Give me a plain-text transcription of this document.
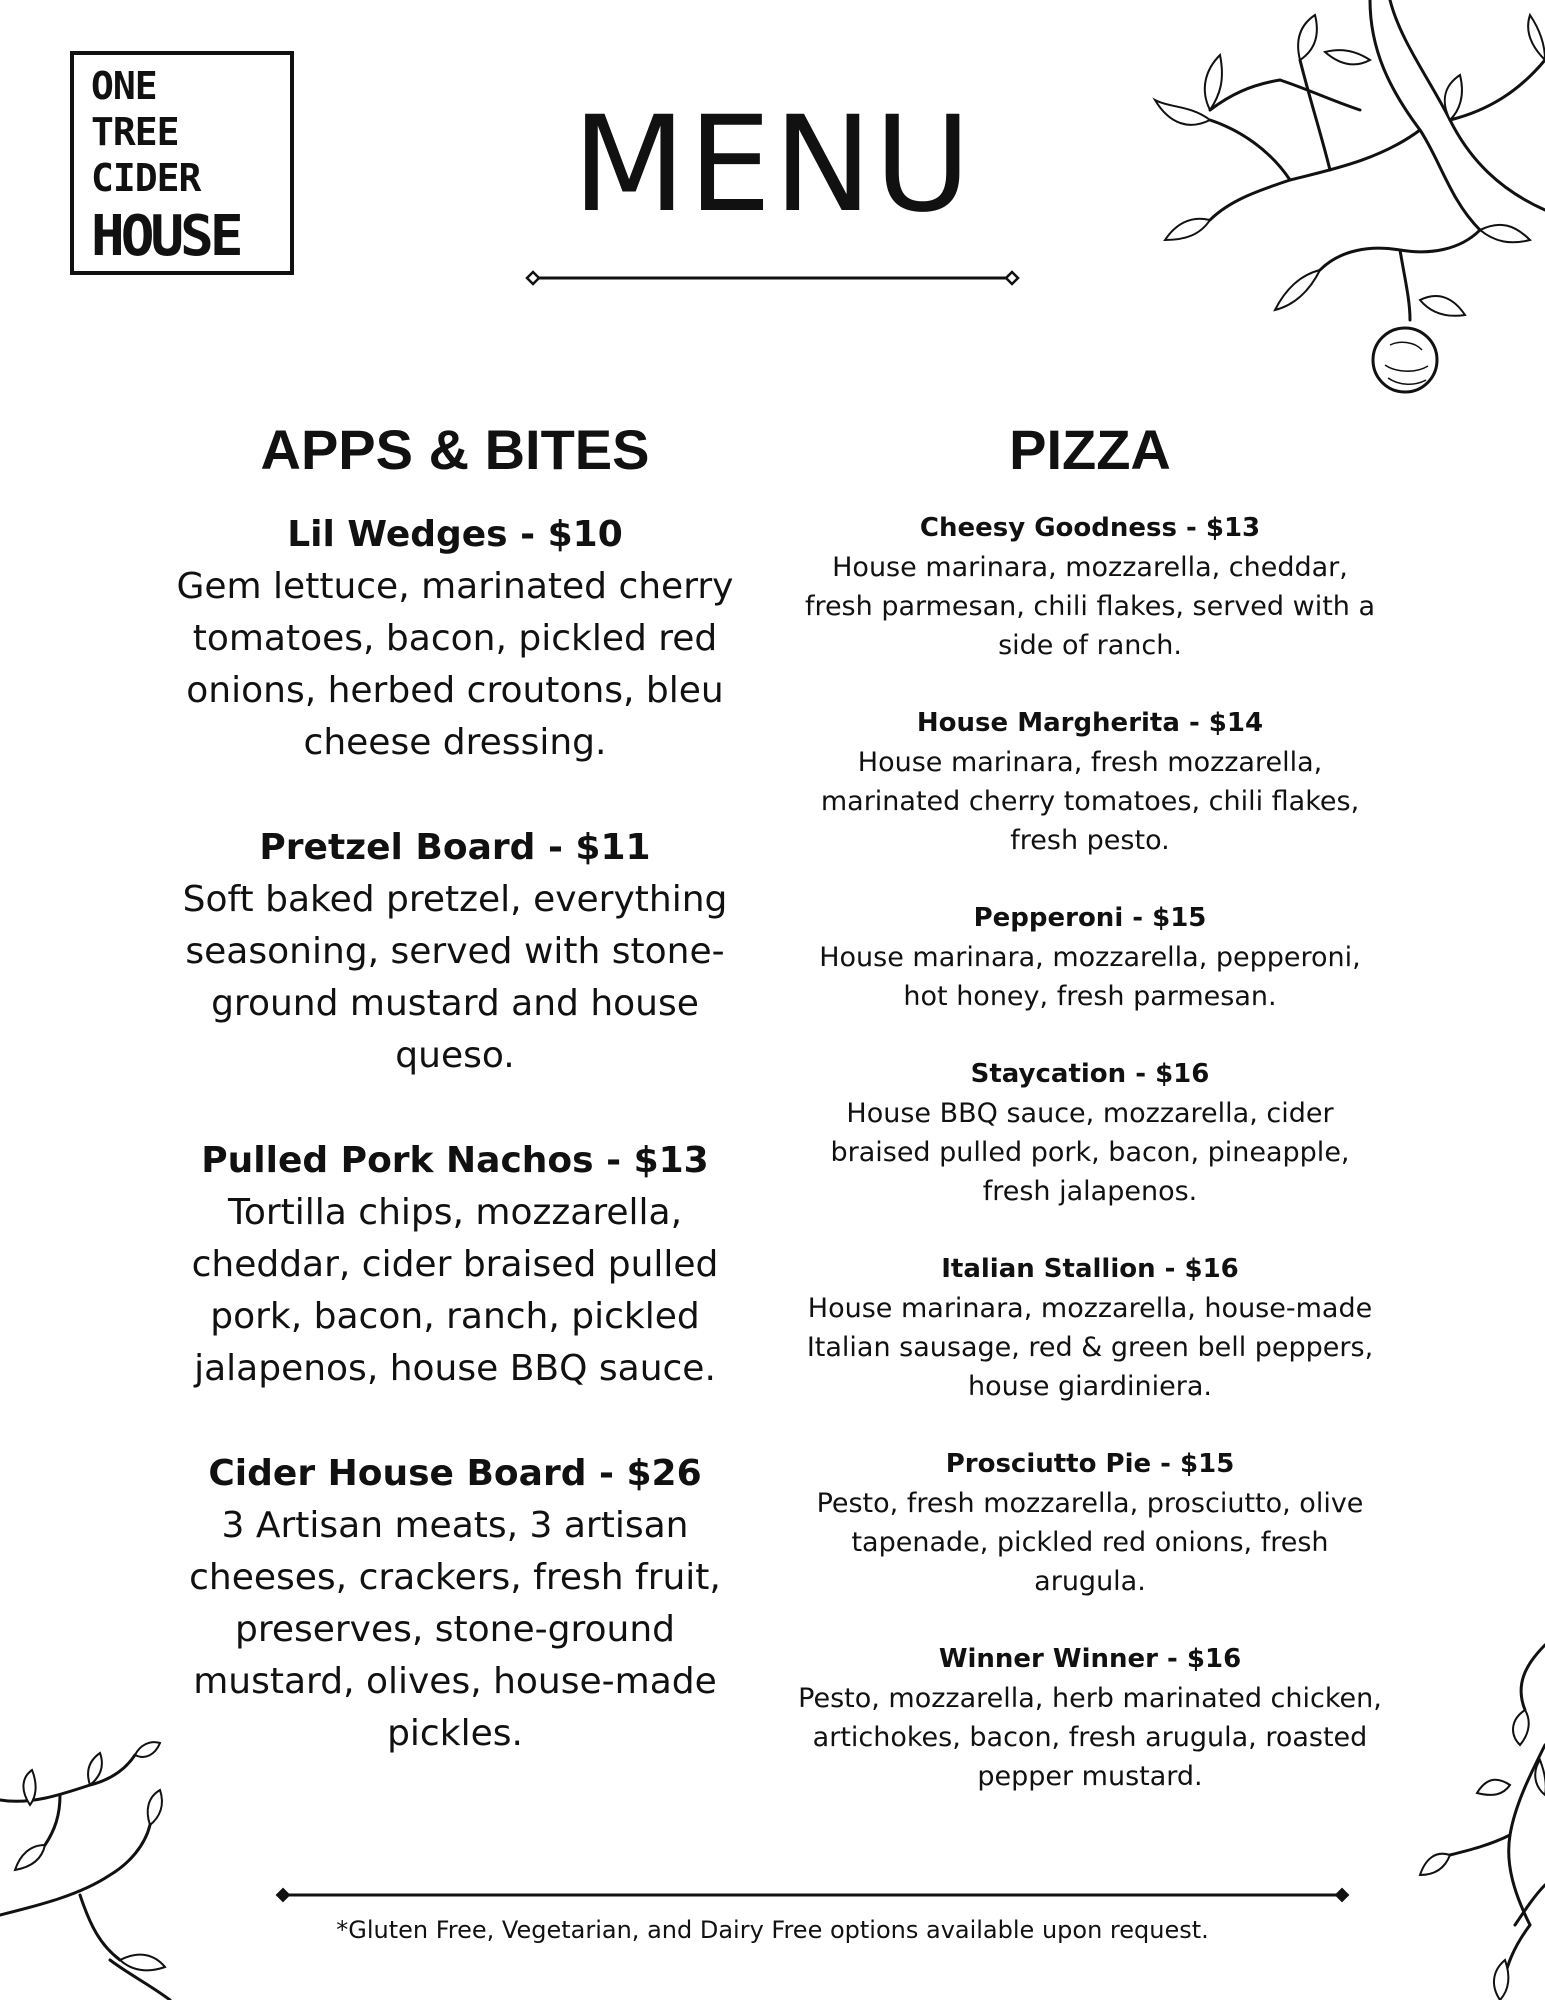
ONE
TREE
CIDER
HOUSE	MENU
APPS & BITES
Lil Wedges - $10
Gem lettuce, marinated cherry tomatoes, bacon, pickled red onions, herbed croutons, bleu cheese dressing.
Pretzel Board - $11
Soft baked pretzel, everything seasoning, served with stone-ground mustard and house queso.
Pulled Pork Nachos - $13
Tortilla chips, mozzarella, cheddar, cider braised pulled pork, bacon, ranch, pickled jalapenos, house BBQ sauce.
Cider House Board - $26
3 Artisan meats, 3 artisan cheeses, crackers, fresh fruit, preserves, stone-ground mustard, olives, house-made pickles.
PIZZA
Cheesy Goodness - $13
House marinara, mozzarella, cheddar, fresh parmesan, chili flakes, served with a side of ranch.
House Margherita - $14
House marinara, fresh mozzarella, marinated cherry tomatoes, chili flakes, fresh pesto.
Pepperoni - $15
House marinara, mozzarella, pepperoni, hot honey, fresh parmesan.
Staycation - $16
House BBQ sauce, mozzarella, cider braised pulled pork, bacon, pineapple, fresh jalapenos.
Italian Stallion - $16
House marinara, mozzarella, house-made Italian sausage, red & green bell peppers, house giardiniera.
Prosciutto Pie - $15
Pesto, fresh mozzarella, prosciutto, olive tapenade, pickled red onions, fresh arugula.
Winner Winner - $16
Pesto, mozzarella, herb marinated chicken, artichokes, bacon, fresh arugula, roasted pepper mustard.
*Gluten Free, Vegetarian, and Dairy Free options available upon request.
